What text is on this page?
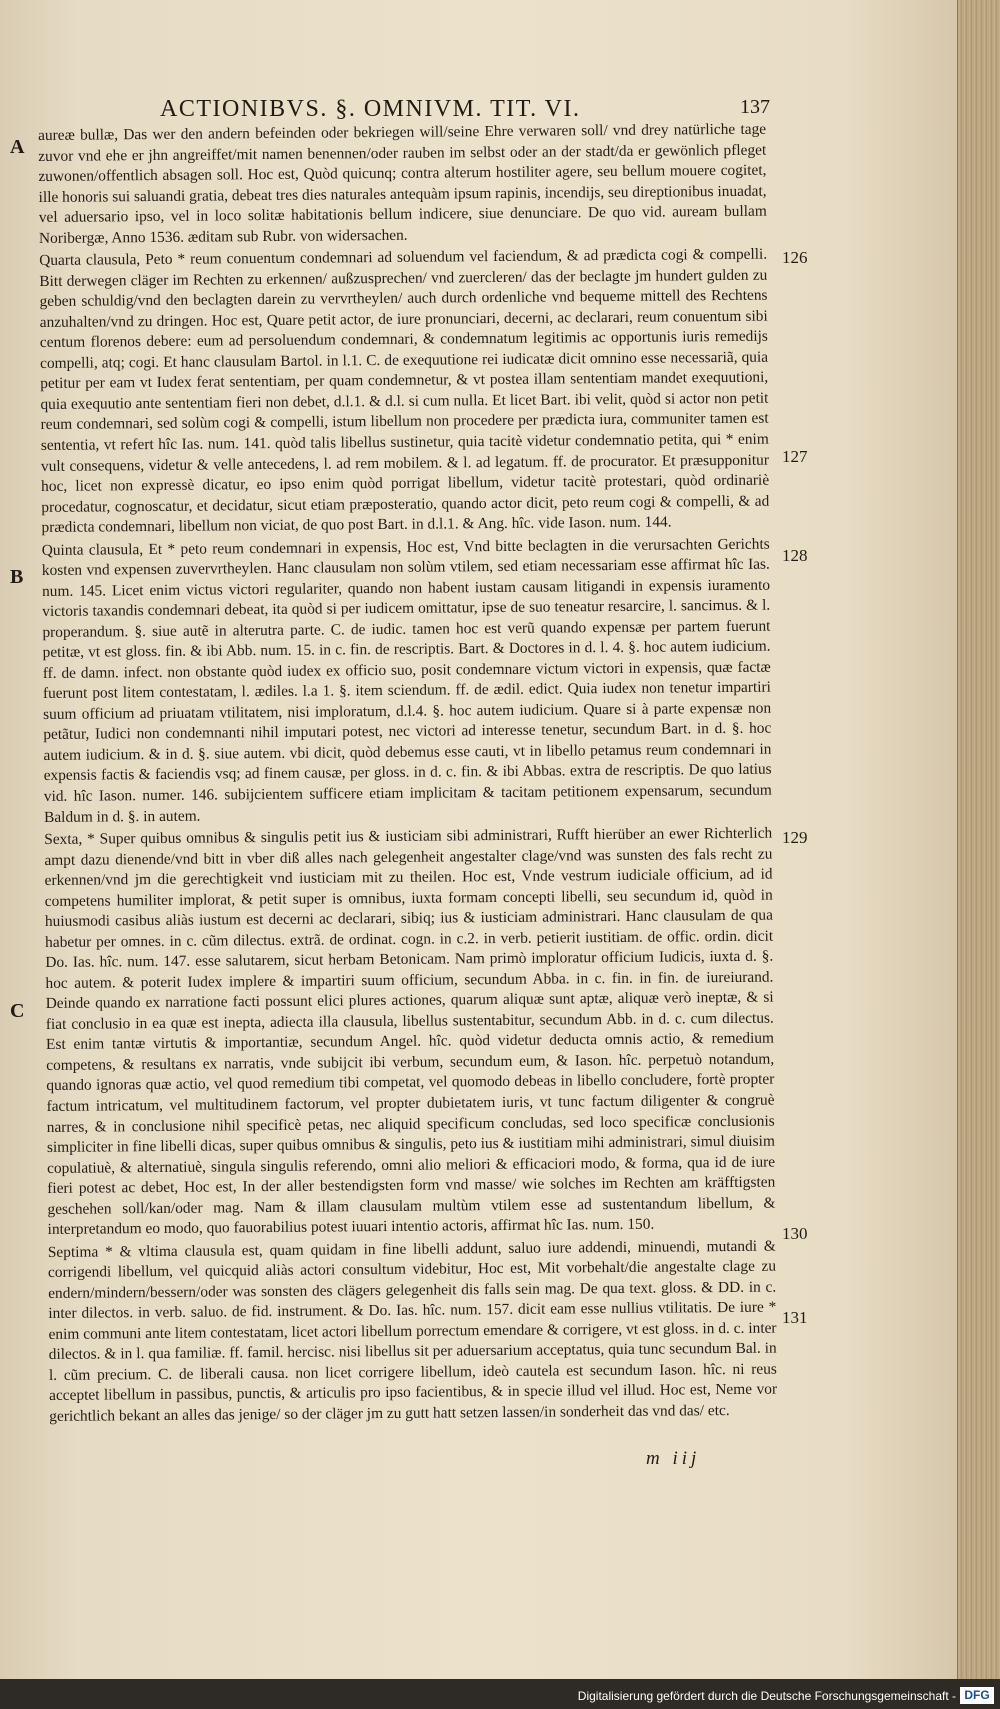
ACTIONIBVS. §. OMNIVM. TIT. VI.	137
A
B
C
126
127
128
129
130
131

aureæ bullæ, Das wer den andern befeinden oder bekriegen will/seine Ehre verwaren soll/ vnd drey natürliche tage zuvor vnd ehe er jhn angreiffet/mit namen benennen/oder rauben im selbst oder an der stadt/da er gewönlich pfleget zuwonen/offentlich absagen soll. Hoc est, Quòd quicunq; contra alterum hostiliter agere, seu bellum mouere cogitet, ille honoris sui saluandi gratia, debeat tres dies naturales antequàm ipsum rapinis, incendijs, seu direptionibus inuadat, vel aduersario ipso, vel in loco solitæ habitationis bellum indicere, siue denunciare. De quo vid. auream bullam Noribergæ, Anno 1536. æditam sub Rubr. von widersachen.

Quarta clausula, Peto * reum conuentum condemnari ad soluendum vel faciendum, & ad prædicta cogi & compelli. Bitt derwegen cläger im Rechten zu erkennen/ außzusprechen/ vnd zuercleren/ das der beclagte jm hundert gulden zu geben schuldig/vnd den beclagten darein zu vervrtheylen/ auch durch ordenliche vnd bequeme mittell des Rechtens anzuhalten/vnd zu dringen. Hoc est, Quare petit actor, de iure pronunciari, decerni, ac declarari, reum conuentum sibi centum florenos debere: eum ad persoluendum condemnari, & condemnatum legitimis ac opportunis iuris remedijs compelli, atq; cogi. Et hanc clausulam Bartol. in l.1. C. de exequutione rei iudicatæ dicit omnino esse necessariã, quia petitur per eam vt Iudex ferat sententiam, per quam condemnetur, & vt postea illam sententiam mandet exequutioni, quia exequutio ante sententiam fieri non debet, d.l.1. & d.l. si cum nulla. Et licet Bart. ibi velit, quòd si actor non petit reum condemnari, sed solùm cogi & compelli, istum libellum non procedere per prædicta iura, communiter tamen est sententia, vt refert hîc Ias. num. 141. quòd talis libellus sustinetur, quia tacitè videtur condemnatio petita, qui * enim vult consequens, videtur & velle antecedens, l. ad rem mobilem. & l. ad legatum. ff. de procurator. Et præsupponitur hoc, licet non expressè dicatur, eo ipso enim quòd porrigat libellum, videtur tacitè protestari, quòd ordinariè procedatur, cognoscatur, et decidatur, sicut etiam præposteratio, quando actor dicit, peto reum cogi & compelli, & ad prædicta condemnari, libellum non viciat, de quo post Bart. in d.l.1. & Ang. hîc. vide Iason. num. 144.

Quinta clausula, Et * peto reum condemnari in expensis, Hoc est, Vnd bitte beclagten in die verursachten Gerichts kosten vnd expensen zuvervrtheylen. Hanc clausulam non solùm vtilem, sed etiam necessariam esse affirmat hîc Ias. num. 145. Licet enim victus victori regulariter, quando non habent iustam causam litigandi in expensis iuramento victoris taxandis condemnari debeat, ita quòd si per iudicem omittatur, ipse de suo teneatur resarcire, l. sancimus. & l. properandum. §. siue autẽ in alterutra parte. C. de iudic. tamen hoc est verũ quando expensæ per partem fuerunt petitæ, vt est gloss. fin. & ibi Abb. num. 15. in c. fin. de rescriptis. Bart. & Doctores in d. l. 4. §. hoc autem iudicium. ff. de damn. infect. non obstante quòd iudex ex officio suo, posit condemnare victum victori in expensis, quæ factæ fuerunt post litem contestatam, l. ædiles. l.a 1. §. item sciendum. ff. de ædil. edict. Quia iudex non tenetur impartiri suum officium ad priuatam vtilitatem, nisi imploratum, d.l.4. §. hoc autem iudicium. Quare si à parte expensæ non petãtur, Iudici non condemnanti nihil imputari potest, nec victori ad interesse tenetur, secundum Bart. in d. §. hoc autem iudicium. & in d. §. siue autem. vbi dicit, quòd debemus esse cauti, vt in libello petamus reum condemnari in expensis factis & faciendis vsq; ad finem causæ, per gloss. in d. c. fin. & ibi Abbas. extra de rescriptis. De quo latius vid. hîc Iason. numer. 146. subijcientem sufficere etiam implicitam & tacitam petitionem expensarum, secundum Baldum in d. §. in autem.

Sexta, * Super quibus omnibus & singulis petit ius & iusticiam sibi administrari, Rufft hierüber an ewer Richterlich ampt dazu dienende/vnd bitt in vber diß alles nach gelegenheit angestalter clage/vnd was sunsten des fals recht zu erkennen/vnd jm die gerechtigkeit vnd iusticiam mit zu theilen. Hoc est, Vnde vestrum iudiciale officium, ad id competens humiliter implorat, & petit super is omnibus, iuxta formam concepti libelli, seu secundum id, quòd in huiusmodi casibus aliàs iustum est decerni ac declarari, sibiq; ius & iusticiam administrari. Hanc clausulam de qua habetur per omnes. in c. cũm dilectus. extrã. de ordinat. cogn. in c.2. in verb. petierit iustitiam. de offic. ordin. dicit Do. Ias. hîc. num. 147. esse salutarem, sicut herbam Betonicam. Nam primò imploratur officium Iudicis, iuxta d. §. hoc autem. & poterit Iudex implere & impartiri suum officium, secundum Abba. in c. fin. in fin. de iureiurand. Deinde quando ex narratione facti possunt elici plures actiones, quarum aliquæ sunt aptæ, aliquæ verò ineptæ, & si fiat conclusio in ea quæ est inepta, adiecta illa clausula, libellus sustentabitur, secundum Abb. in d. c. cum dilectus. Est enim tantæ virtutis & importantiæ, secundum Angel. hîc. quòd videtur deducta omnis actio, & remedium competens, & resultans ex narratis, vnde subijcit ibi verbum, secundum eum, & Iason. hîc. perpetuò notandum, quando ignoras quæ actio, vel quod remedium tibi competat, vel quomodo debeas in libello concludere, fortè propter factum intricatum, vel multitudinem factorum, vel propter dubietatem iuris, vt tunc factum diligenter & congruè narres, & in conclusione nihil specificè petas, nec aliquid specificum concludas, sed loco specificæ conclusionis simpliciter in fine libelli dicas, super quibus omnibus & singulis, peto ius & iustitiam mihi administrari, simul diuisim copulatiuè, & alternatiuè, singula singulis referendo, omni alio meliori & efficaciori modo, & forma, qua id de iure fieri potest ac debet, Hoc est, In der aller bestendigsten form vnd masse/ wie solches im Rechten am kräfftigsten geschehen soll/kan/oder mag. Nam & illam clausulam multùm vtilem esse ad sustentandum libellum, & interpretandum eo modo, quo fauorabilius potest iuuari intentio actoris, affirmat hîc Ias. num. 150.

Septima * & vltima clausula est, quam quidam in fine libelli addunt, saluo iure addendi, minuendi, mutandi & corrigendi libellum, vel quicquid aliàs actori consultum videbitur, Hoc est, Mit vorbehalt/die angestalte clage zu endern/mindern/bessern/oder was sonsten des clägers gelegenheit dis falls sein mag. De qua text. gloss. & DD. in c. inter dilectos. in verb. saluo. de fid. instrument. & Do. Ias. hîc. num. 157. dicit eam esse nullius vtilitatis. De iure * enim communi ante litem contestatam, licet actori libellum porrectum emendare & corrigere, vt est gloss. in d. c. inter dilectos. & in l. qua familiæ. ff. famil. hercisc. nisi libellus sit per aduersarium acceptatus, quia tunc secundum Bal. in l. cũm precium. C. de liberali causa. non licet corrigere libellum, ideò cautela est secundum Iason. hîc. ni reus acceptet libellum in passibus, punctis, & articulis pro ipso facientibus, & in specie illud vel illud. Hoc est, Neme vor gerichtlich bekant an alles das jenige/ so der cläger jm zu gutt hatt setzen lassen/in sonderheit das vnd das/ etc.

m iij
Digitalisierung gefördert durch die Deutsche Forschungsgemeinschaft - DFG
